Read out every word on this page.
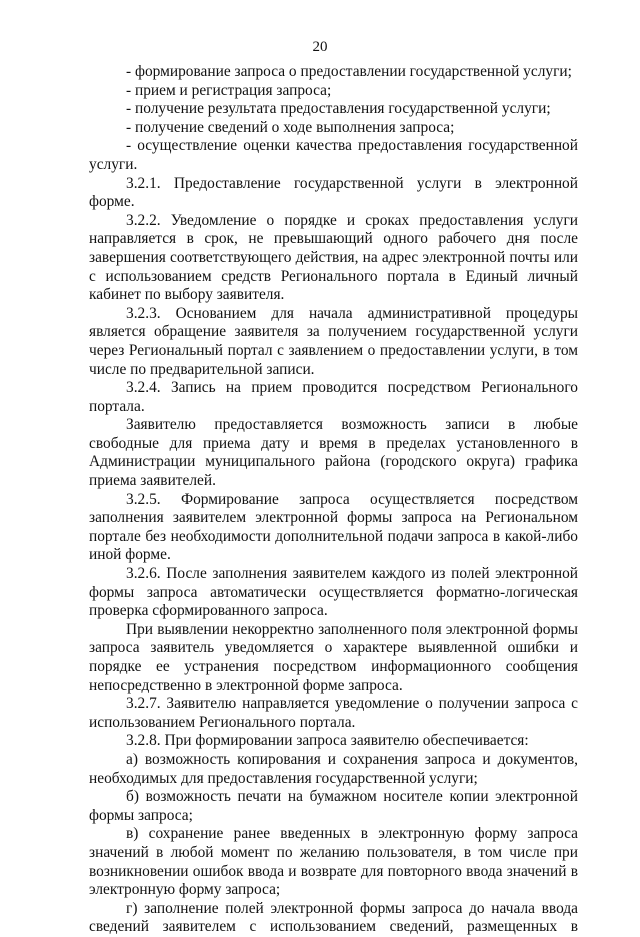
20

- формирование запроса о предоставлении государственной услуги;

- прием и регистрация запроса;

- получение результата предоставления государственной услуги;

- получение сведений о ходе выполнения запроса;

- осуществление оценки качества предоставления государственной услуги.

3.2.1. Предоставление государственной услуги в электронной форме.

3.2.2. Уведомление о порядке и сроках предоставления услуги направляется в срок, не превышающий одного рабочего дня после завершения соответствующего действия, на адрес электронной почты или с использованием средств Регионального портала в Единый личный кабинет по выбору заявителя.

3.2.3. Основанием для начала административной процедуры является обращение заявителя за получением государственной услуги через Региональный портал с заявлением о предоставлении услуги, в том числе по предварительной записи.

3.2.4. Запись на прием проводится посредством Регионального портала.

Заявителю предоставляется возможность записи в любые свободные для приема дату и время в пределах установленного в Администрации муниципального района (городского округа) графика приема заявителей.

3.2.5. Формирование запроса осуществляется посредством заполнения заявителем электронной формы запроса на Региональном портале без необходимости дополнительной подачи запроса в какой-либо иной форме.

3.2.6. После заполнения заявителем каждого из полей электронной формы запроса автоматически осуществляется форматно-логическая проверка сформированного запроса.

При выявлении некорректно заполненного поля электронной формы запроса заявитель уведомляется о характере выявленной ошибки и порядке ее устранения посредством информационного сообщения непосредственно в электронной форме запроса.

3.2.7. Заявителю направляется уведомление о получении запроса с использованием Регионального портала.

3.2.8. При формировании запроса заявителю обеспечивается:

а) возможность копирования и сохранения запроса и документов, необходимых для предоставления государственной услуги;

б) возможность печати на бумажном носителе копии электронной формы запроса;

в) сохранение ранее введенных в электронную форму запроса значений в любой момент по желанию пользователя, в том числе при возникновении ошибок ввода и возврате для повторного ввода значений в электронную форму запроса;

г) заполнение полей электронной формы запроса до начала ввода сведений заявителем с использованием сведений, размещенных в
